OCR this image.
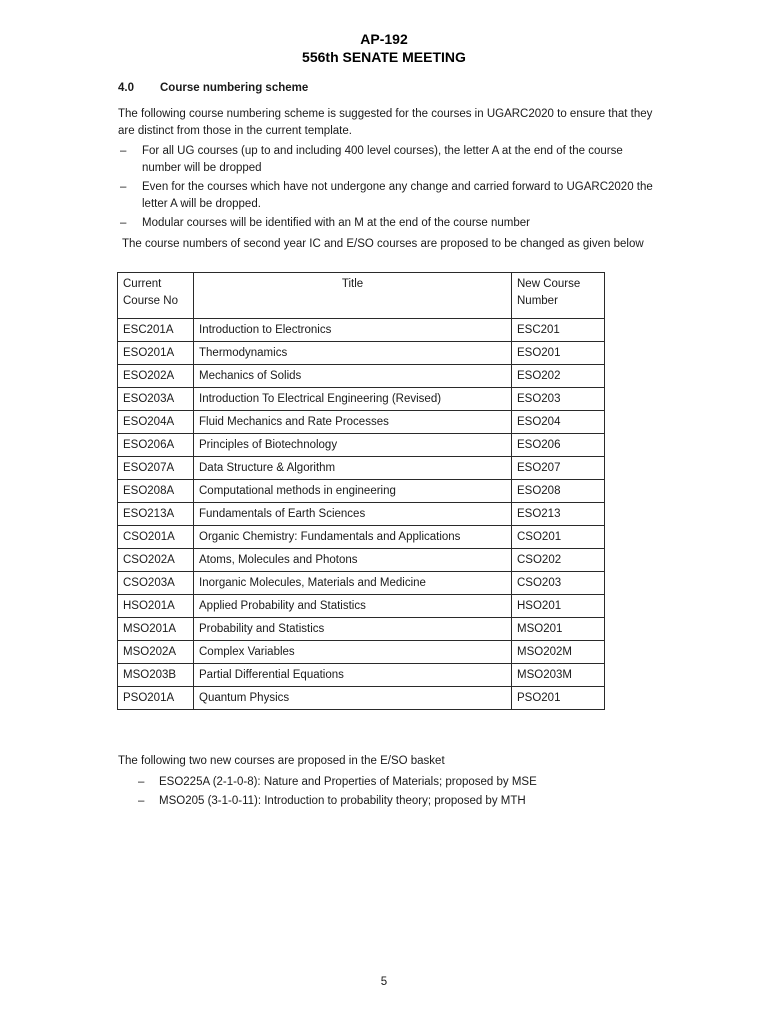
AP-192
556th SENATE MEETING
4.0 Course numbering scheme
The following course numbering scheme is suggested for the courses in UGARC2020 to ensure that they are distinct from those in the current template.
– For all UG courses (up to and including 400 level courses), the letter A at the end of the course number will be dropped
– Even for the courses which have not undergone any change and carried forward to UGARC2020 the letter A will be dropped.
– Modular courses will be identified with an M at the end of the course number
The course numbers of second year IC and E/SO courses are proposed to be changed as given below
Current Course No	Title	New Course Number
ESC201A	Introduction to Electronics	ESC201
ESO201A	Thermodynamics	ESO201
ESO202A	Mechanics of Solids	ESO202
ESO203A	Introduction To Electrical Engineering (Revised)	ESO203
ESO204A	Fluid Mechanics and Rate Processes	ESO204
ESO206A	Principles of Biotechnology	ESO206
ESO207A	Data Structure & Algorithm	ESO207
ESO208A	Computational methods in engineering	ESO208
ESO213A	Fundamentals of Earth Sciences	ESO213
CSO201A	Organic Chemistry: Fundamentals and Applications	CSO201
CSO202A	Atoms, Molecules and Photons	CSO202
CSO203A	Inorganic Molecules, Materials and Medicine	CSO203
HSO201A	Applied Probability and Statistics	HSO201
MSO201A	Probability and Statistics	MSO201
MSO202A	Complex Variables	MSO202M
MSO203B	Partial Differential Equations	MSO203M
PSO201A	Quantum Physics	PSO201
The following two new courses are proposed in the E/SO basket
– ESO225A (2-1-0-8): Nature and Properties of Materials; proposed by MSE
– MSO205 (3-1-0-11): Introduction to probability theory; proposed by MTH
5
